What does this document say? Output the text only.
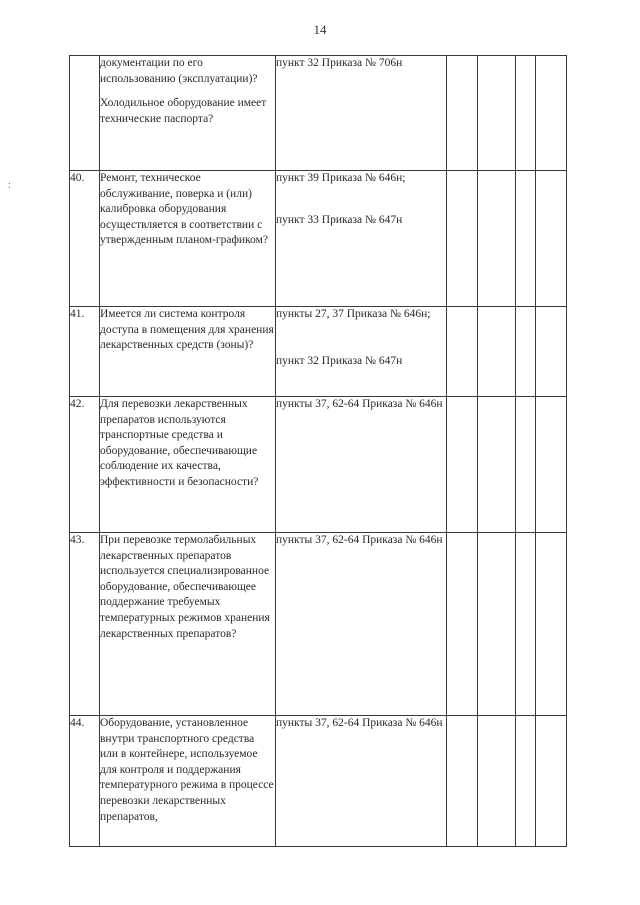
14
:

	документации по его использованию (эксплуатации)?

Холодильное оборудование имеет технические паспорта?	пункт 32 Приказа № 706н				

40.	Ремонт, техническое обслуживание, поверка и (или) калибровка оборудования осуществляется в соответствии с утвержденным планом-графиком?	пункт 39 Приказа № 646н;

пункт 33 Приказа № 647н				

41.	Имеется ли система контроля доступа в помещения для хранения лекарственных средств (зоны)?	пункты 27, 37 Приказа № 646н;

пункт 32 Приказа № 647н				

42.	Для перевозки лекарственных препаратов используются транспортные средства и оборудование, обеспечивающие соблюдение их качества, эффективности и безопасности?	пункты 37, 62-64 Приказа № 646н				

43.	При перевозке термолабильных лекарственных препаратов используется специализированное оборудование, обеспечивающее поддержание требуемых температурных режимов хранения лекарственных препаратов?	пункты 37, 62-64 Приказа № 646н				

44.	Оборудование, установленное внутри транспортного средства или в контейнере, используемое для контроля и поддержания температурного режима в процессе перевозки лекарственных препаратов,	пункты 37, 62-64 Приказа № 646н				
